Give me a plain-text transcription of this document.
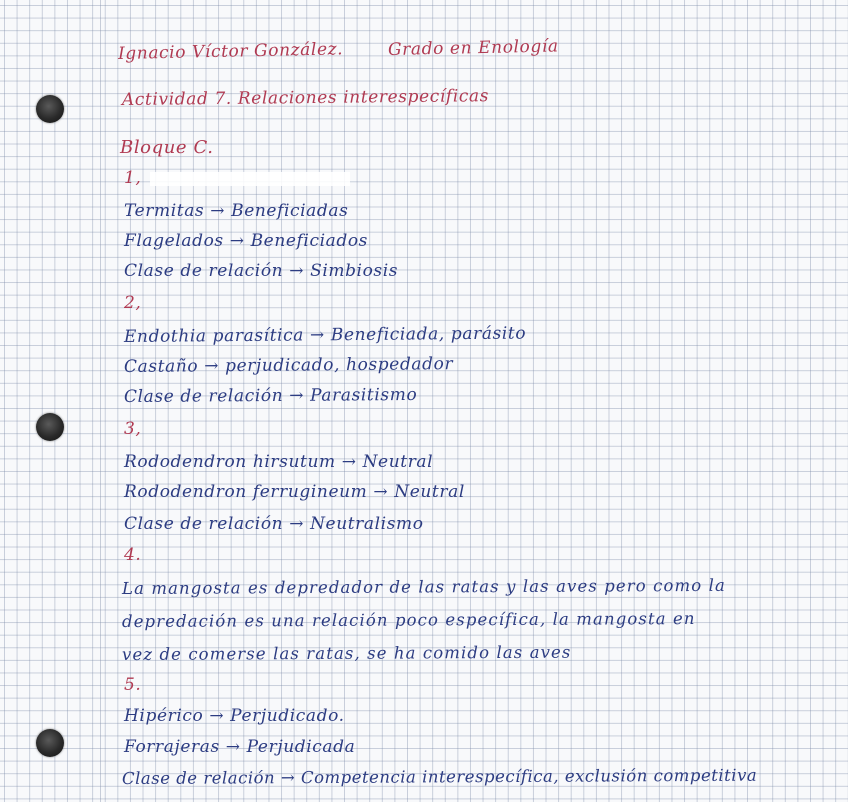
Ignacio Víctor González.	Grado en Enología
Actividad 7. Relaciones interespecíficas
Bloque C.
1,
Termitas → Beneficiadas
Flagelados → Beneficiados
Clase de relación → Simbiosis
2,
Endothia parasítica → Beneficiada, parásito
Castaño → perjudicado, hospedador
Clase de relación → Parasitismo
3,
Rododendron hirsutum → Neutral
Rododendron ferrugineum → Neutral
Clase de relación → Neutralismo
4.
La mangosta es depredador de las ratas y las aves pero como la
depredación es una relación poco específica, la mangosta en
vez de comerse las ratas, se ha comido las aves
5.
Hipérico → Perjudicado.
Forrajeras → Perjudicada
Clase de relación → Competencia interespecífica, exclusión competitiva
